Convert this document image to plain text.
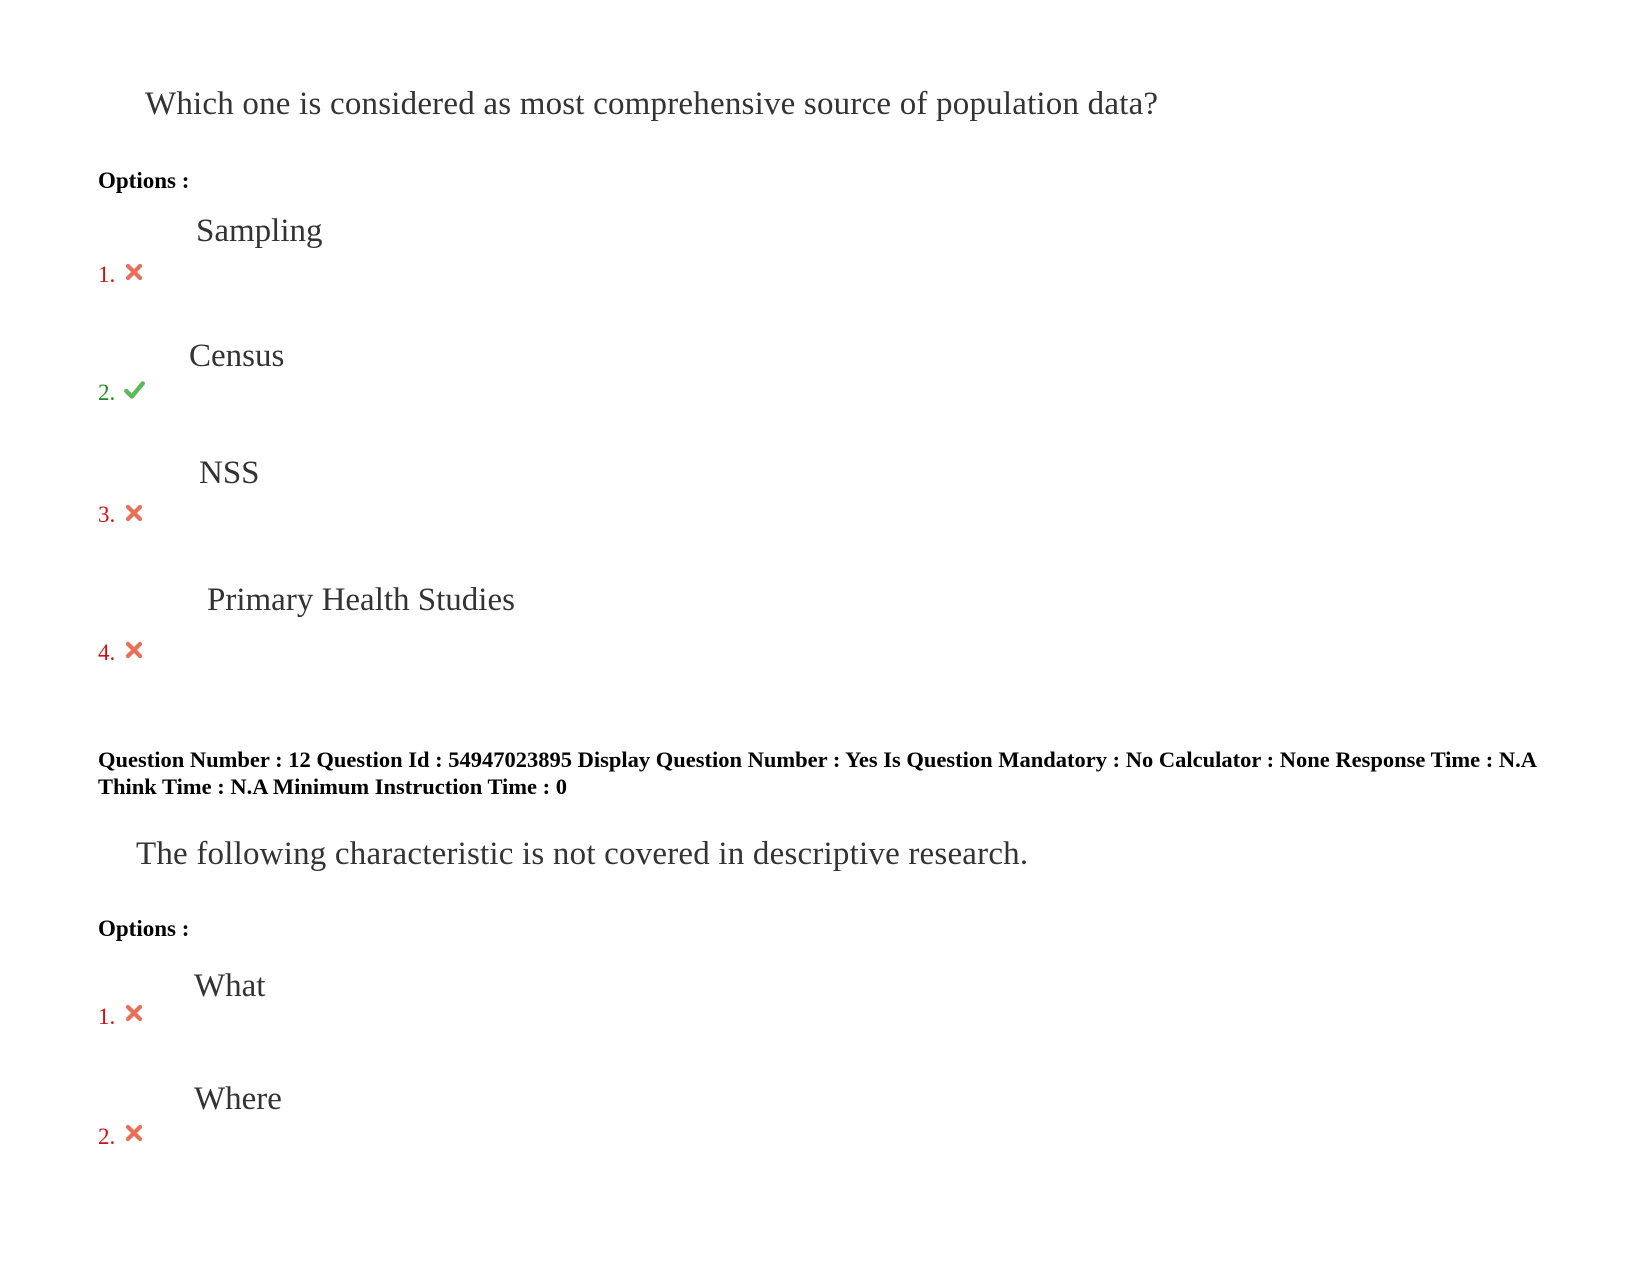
Which one is considered as most comprehensive source of population data?
Options :
Sampling
1.
Census
2.
NSS
3.
Primary Health Studies
4.
Question Number : 12 Question Id : 54947023895 Display Question Number : Yes Is Question Mandatory : No Calculator : None Response Time : N.A Think Time : N.A Minimum Instruction Time : 0
The following characteristic is not covered in descriptive research.
Options :
What
1.
Where
2.
